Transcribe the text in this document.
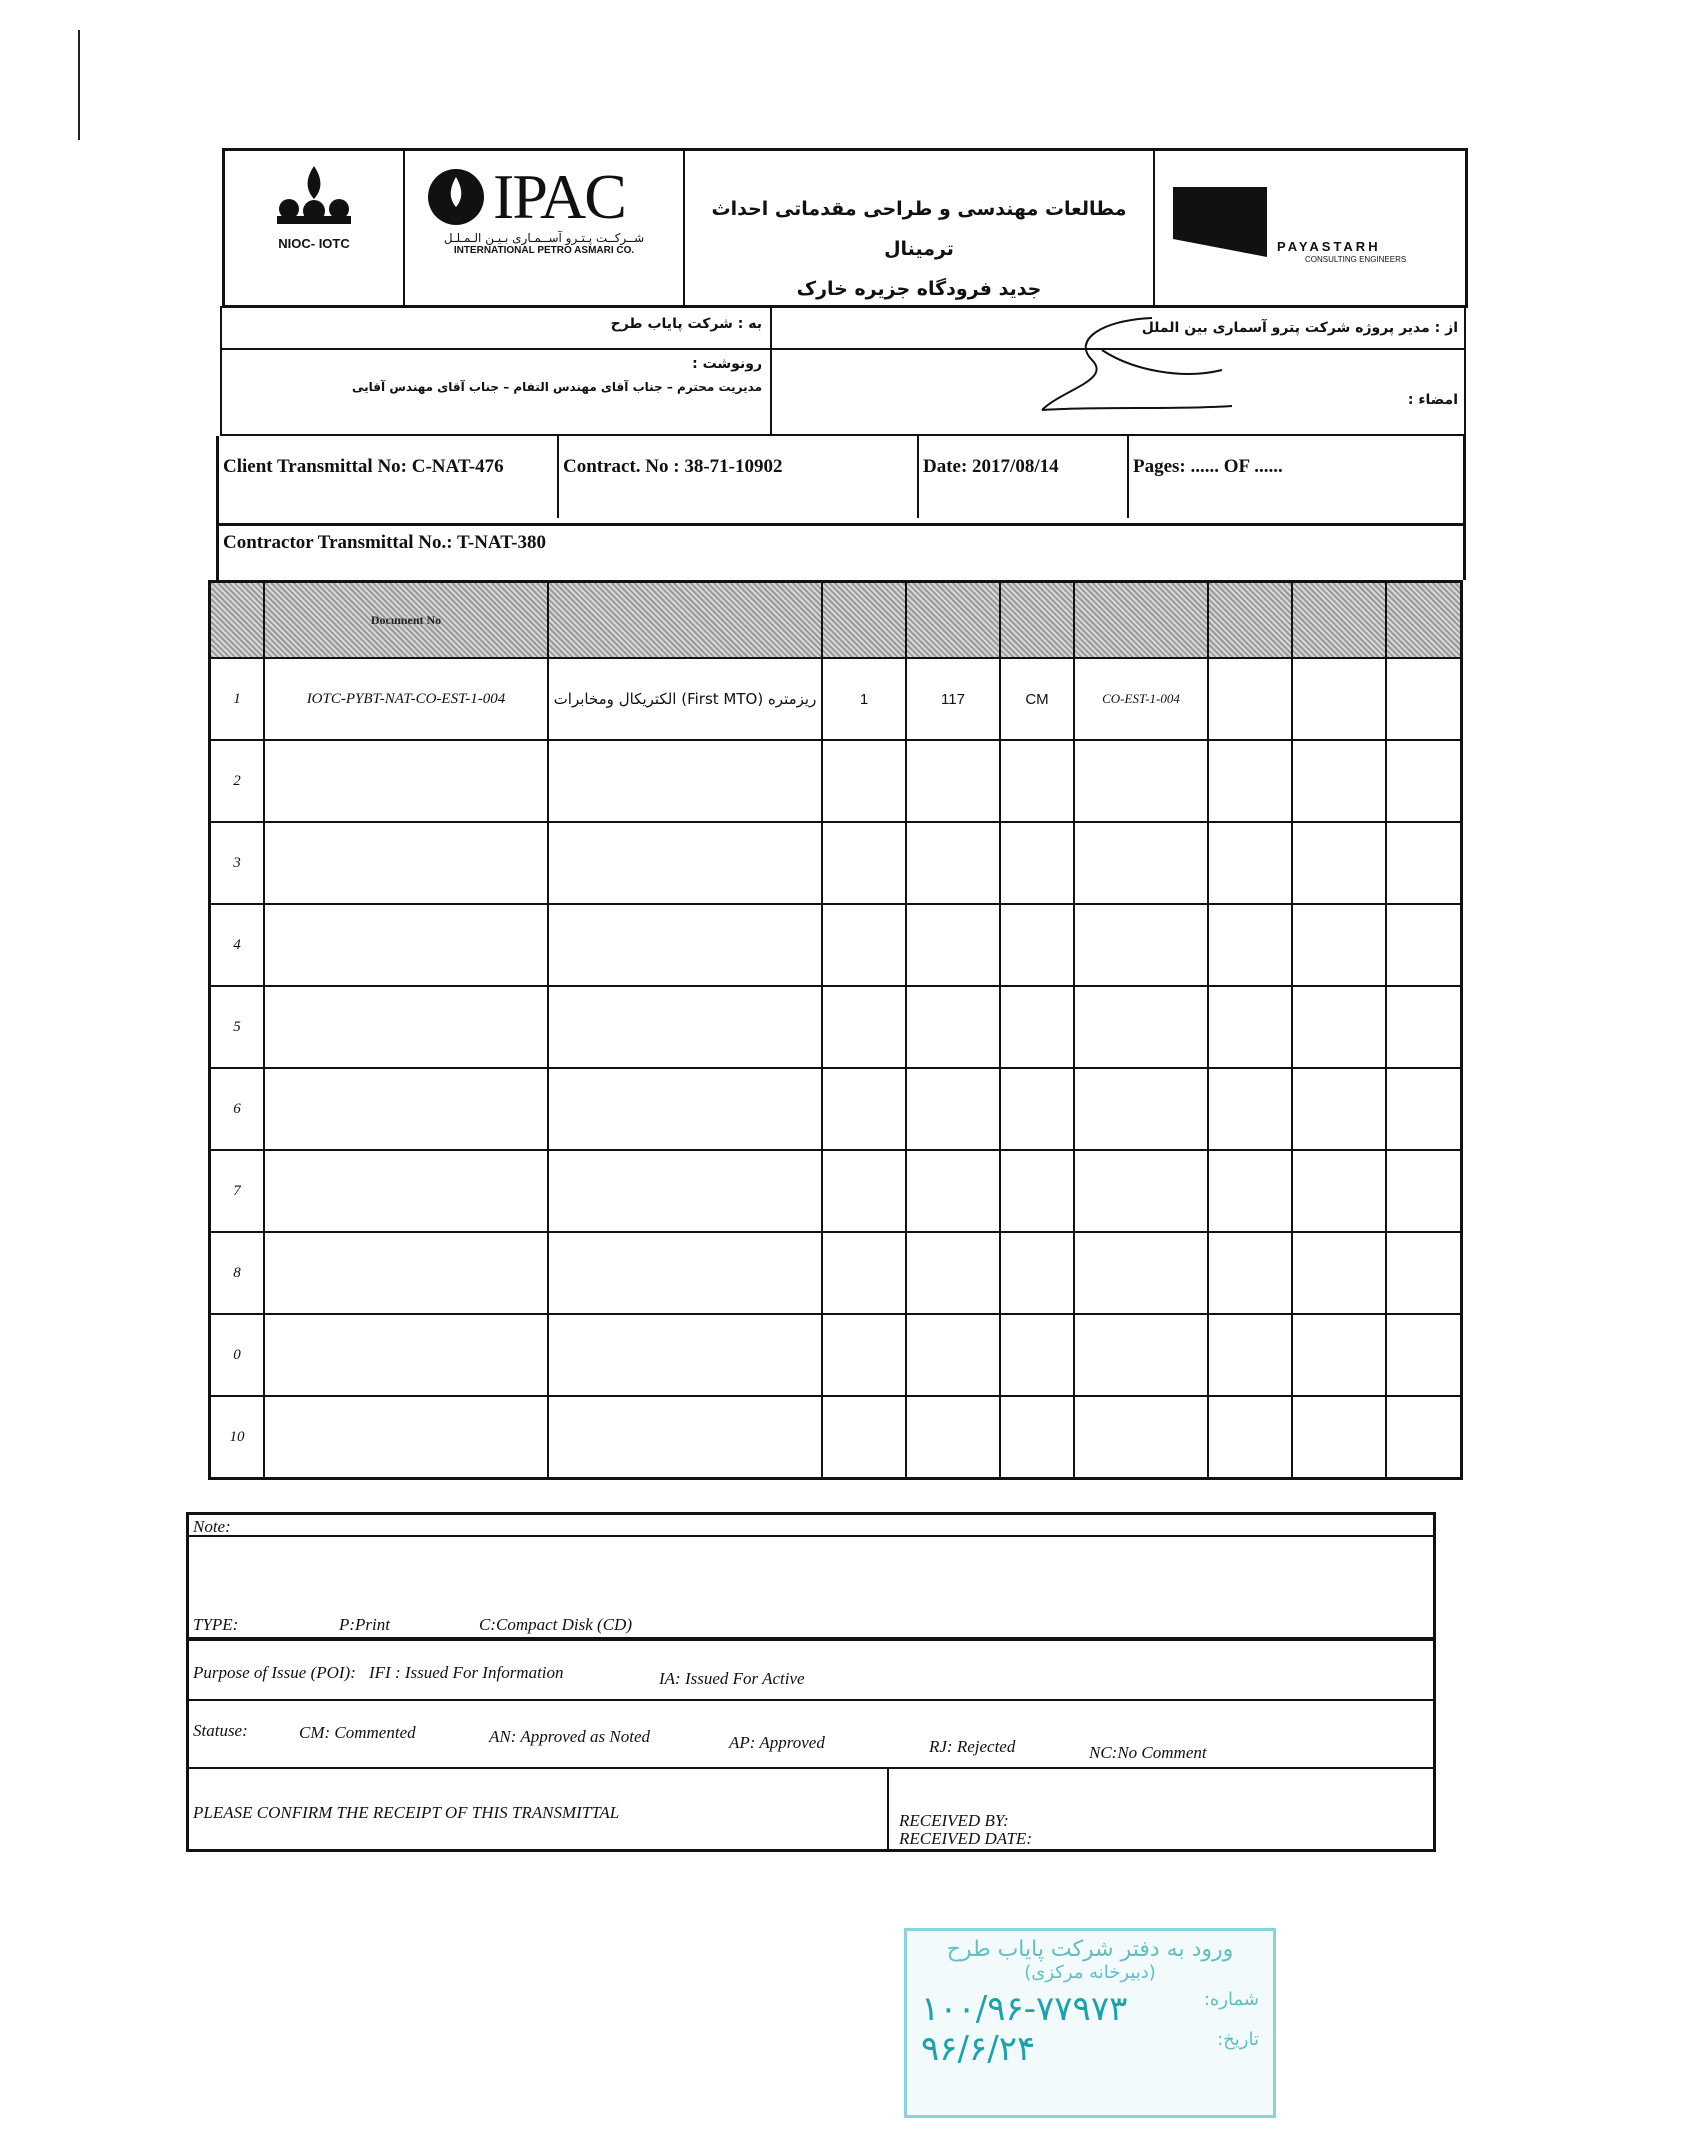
NIOC- IOTC
IPAC
شــرکــت پـتـرو آســمـاری بـیـن الـمـلـل
INTERNATIONAL PETRO ASMARI CO.
مطالعات مهندسی و طراحی مقدماتی احداث ترمینال
جدید فرودگاه جزیره خارک
PAYASTARH
CONSULTING ENGINEERS
به : شرکت پایاب طرح	از : مدیر پروژه شرکت پترو آسماری بین الملل
رونوشت :
مدیریت محترم – جناب آقای مهندس التفام – جناب آقای مهندس آقایی
امضاء :
Client Transmittal No: C-NAT-476	Contract. No : 38-71-10902	Date: 2017/08/14	Pages: ...... OF ......
Contractor Transmittal No.: T-NAT-380
	Document No								
1	IOTC-PYBT-NAT-CO-EST-1-004	ریزمتره (First MTO) الکتریکال ومخابرات	1	117	CM	CO-EST-1-004			
2									
3									
4									
5									
6									
7									
8									
0									
10									
Note:
TYPE:	P:Print	C:Compact Disk (CD)
Purpose of Issue (POI): IFI : Issued For Information	IA: Issued For Active
Statuse:	CM: Commented	AN: Approved as Noted	AP: Approved	RJ: Rejected	NC:No Comment
PLEASE CONFIRM THE RECEIPT OF THIS TRANSMITTAL	RECEIVED BY:
RECEIVED DATE:
ورود به دفتر شرکت پایاب طرح
(دبیرخانه مرکزی)
شماره:
۱۰۰/۹۶-۷۷۹۷۳
تاریخ:
۹۶/۶/۲۴
